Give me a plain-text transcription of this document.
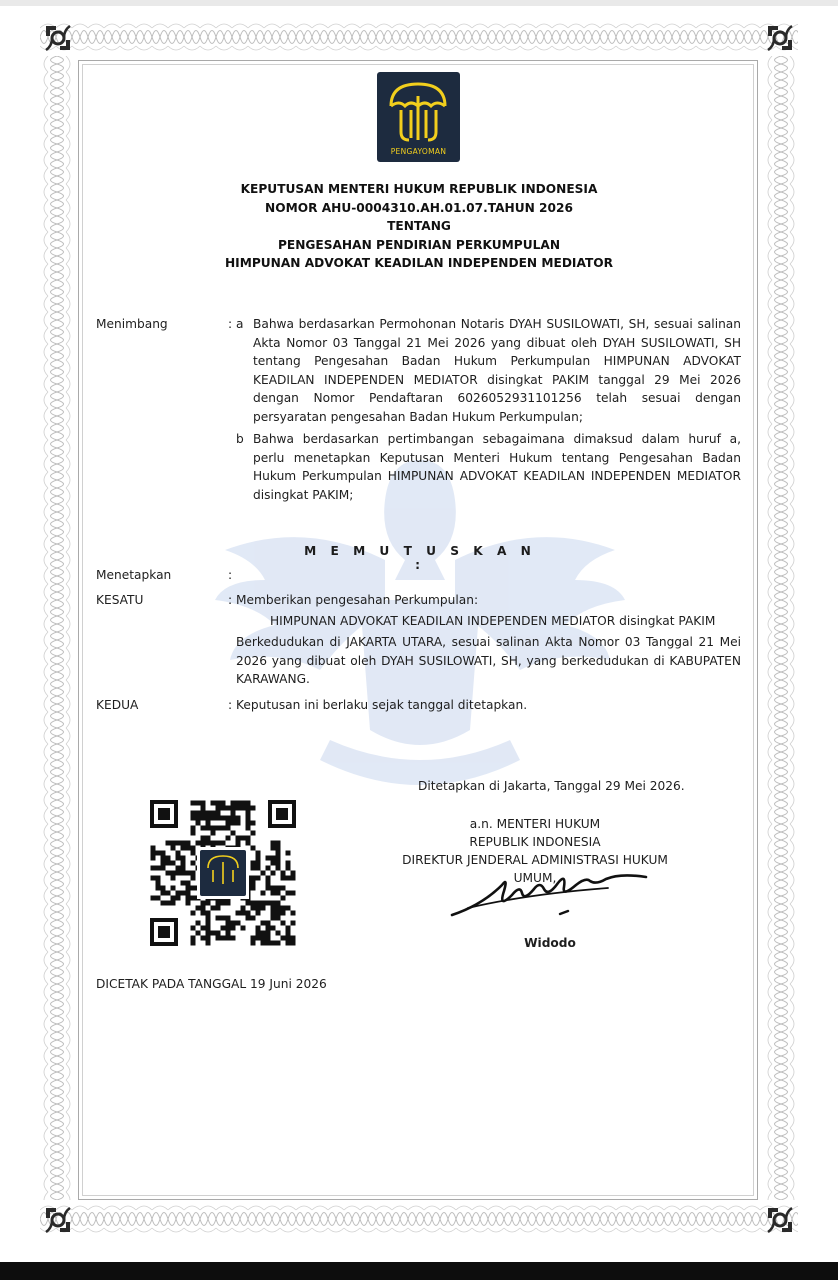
PENGAYOMAN
KEPUTUSAN MENTERI HUKUM REPUBLIK INDONESIA
NOMOR AHU-0004310.AH.01.07.TAHUN 2026
TENTANG
PENGESAHAN PENDIRIAN PERKUMPULAN
HIMPUNAN ADVOKAT KEADILAN INDEPENDEN MEDIATOR
Menimbang	: a Bahwa berdasarkan Permohonan Notaris DYAH SUSILOWATI, SH, sesuai salinan Akta Nomor 03 Tanggal 21 Mei 2026 yang dibuat oleh DYAH SUSILOWATI, SH tentang Pengesahan Badan Hukum Perkumpulan HIMPUNAN ADVOKAT KEADILAN INDEPENDEN MEDIATOR disingkat PAKIM tanggal 29 Mei 2026 dengan Nomor Pendaftaran 6026052931101256 telah sesuai dengan persyaratan pengesahan Badan Hukum Perkumpulan;
b Bahwa berdasarkan pertimbangan sebagaimana dimaksud dalam huruf a, perlu menetapkan Keputusan Menteri Hukum tentang Pengesahan Badan Hukum Perkumpulan HIMPUNAN ADVOKAT KEADILAN INDEPENDEN MEDIATOR disingkat PAKIM;
M E M U T U S K A N :
Menetapkan	:
KESATU	: Memberikan pengesahan Perkumpulan:
HIMPUNAN ADVOKAT KEADILAN INDEPENDEN MEDIATOR disingkat PAKIM
Berkedudukan di JAKARTA UTARA, sesuai salinan Akta Nomor 03 Tanggal 21 Mei 2026 yang dibuat oleh DYAH SUSILOWATI, SH, yang berkedudukan di KABUPATEN KARAWANG.
KEDUA	: Keputusan ini berlaku sejak tanggal ditetapkan.
Ditetapkan di Jakarta, Tanggal 29 Mei 2026.
a.n. MENTERI HUKUM
REPUBLIK INDONESIA
DIREKTUR JENDERAL ADMINISTRASI HUKUM UMUM,
Widodo
DICETAK PADA TANGGAL 19 Juni 2026
